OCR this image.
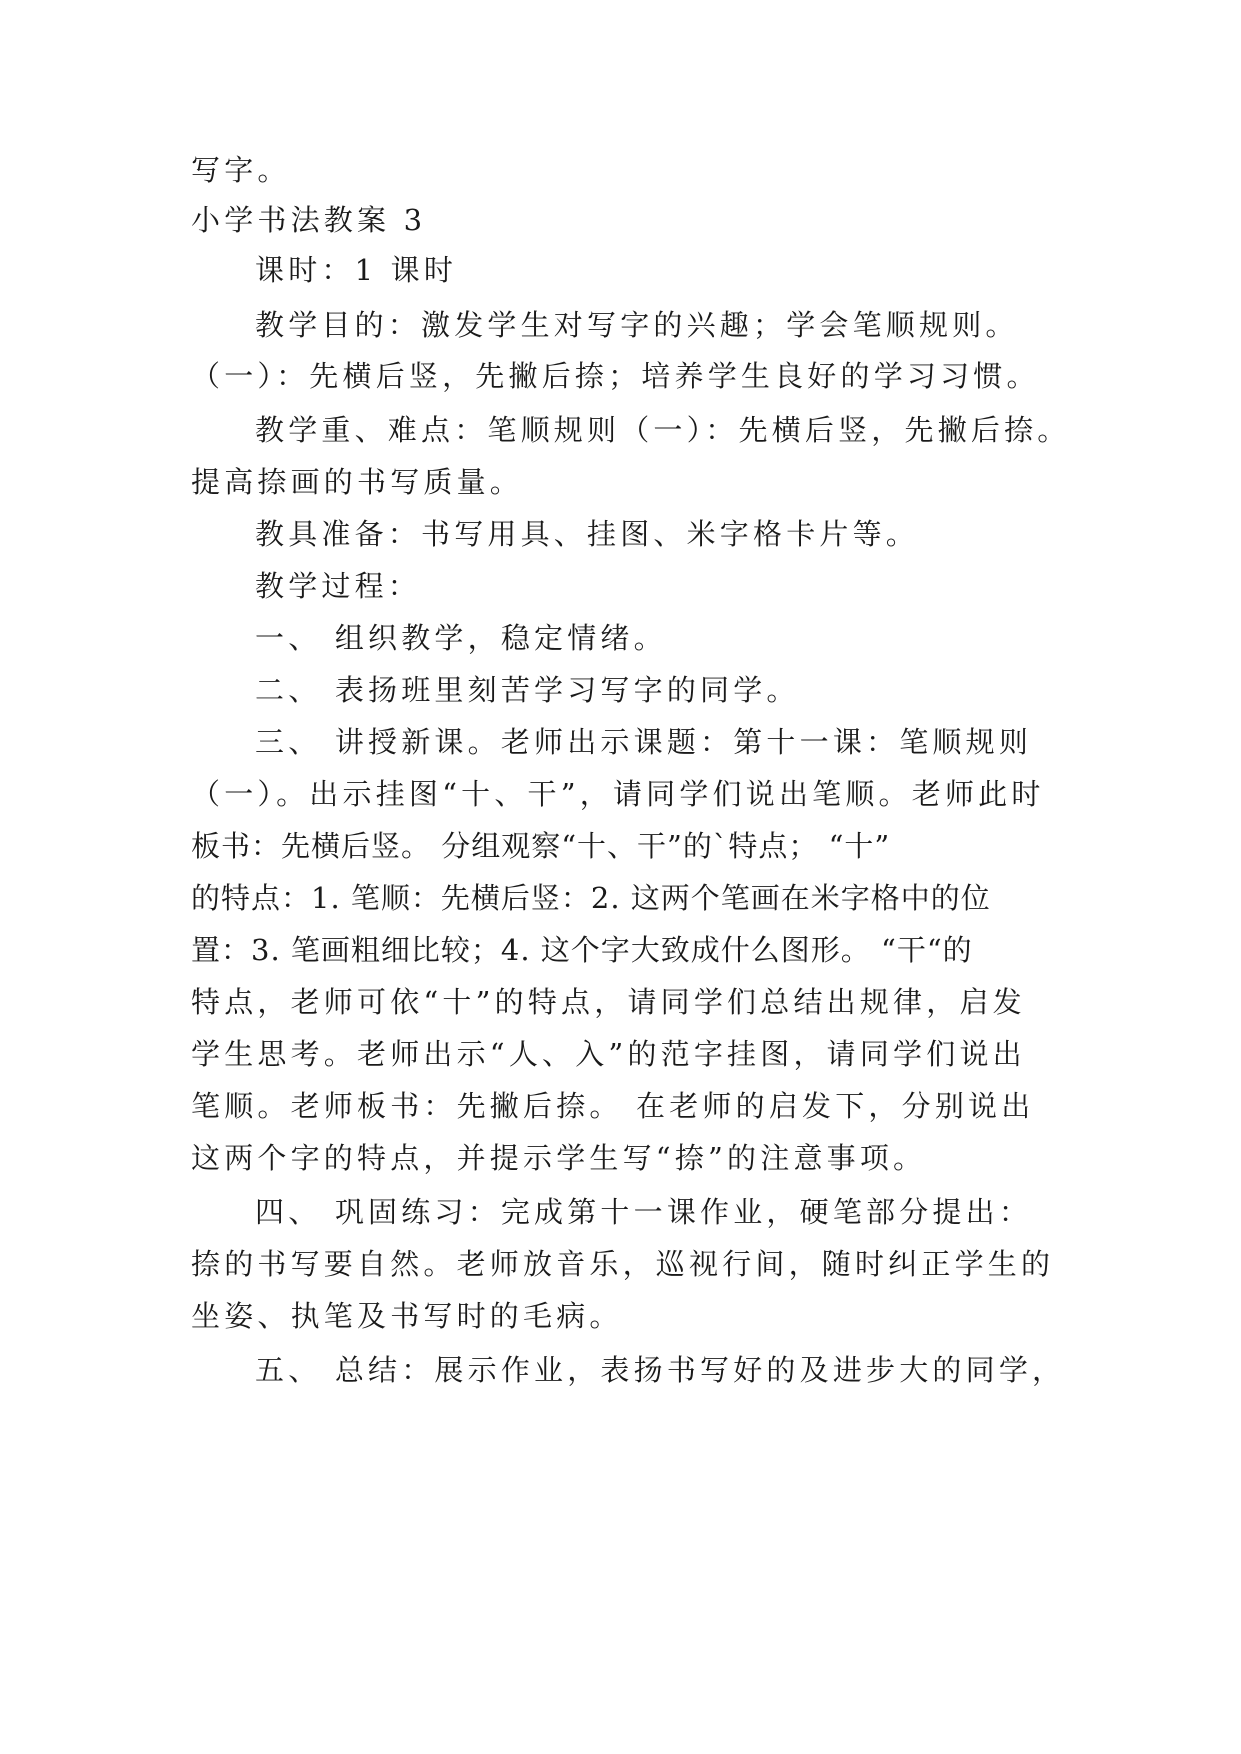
写字。
小学书法教案 3
课时：1 课时
教学目的：激发学生对写字的兴趣；学会笔顺规则。
（一）：先横后竖，先撇后捺；培养学生良好的学习习惯。
教学重、难点：笔顺规则（一）：先横后竖，先撇后捺。
提高捺画的书写质量。
教具准备：书写用具、挂图、米字格卡片等。
教学过程：
一、 组织教学，稳定情绪。
二、 表扬班里刻苦学习写字的同学。
三、 讲授新课。老师出示课题：第十一课：笔顺规则
（一）。出示挂图“十、干”，请同学们说出笔顺。老师此时
板书：先横后竖。 分组观察“十、干”的`特点； “十”
的特点：1. 笔顺：先横后竖：2. 这两个笔画在米字格中的位
置：3. 笔画粗细比较；4. 这个字大致成什么图形。 “干“的
特点，老师可依“十”的特点，请同学们总结出规律，启发
学生思考。老师出示“人、入”的范字挂图，请同学们说出
笔顺。老师板书：先撇后捺。 在老师的启发下，分别说出
这两个字的特点，并提示学生写“捺”的注意事项。
四、 巩固练习：完成第十一课作业，硬笔部分提出：
捺的书写要自然。老师放音乐，巡视行间，随时纠正学生的
坐姿、执笔及书写时的毛病。
五、 总结：展示作业，表扬书写好的及进步大的同学，
